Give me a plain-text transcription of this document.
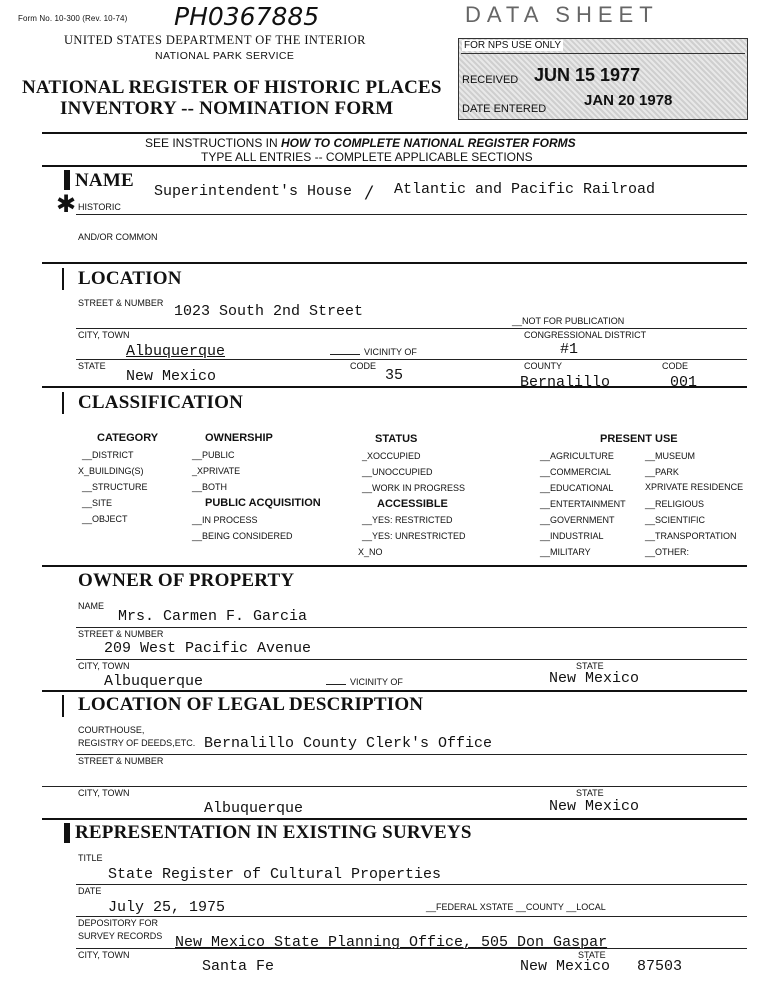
Form No. 10-300 (Rev. 10-74) PH0367885	DATA SHEET
UNITED STATES DEPARTMENT OF THE INTERIOR
NATIONAL PARK SERVICE
NATIONAL REGISTER OF HISTORIC PLACES
INVENTORY -- NOMINATION FORM
FOR NPS USE ONLY
RECEIVED JUN 15 1977
DATE ENTERED	JAN 20 1978
SEE INSTRUCTIONS IN HOW TO COMPLETE NATIONAL REGISTER FORMS
TYPE ALL ENTRIES -- COMPLETE APPLICABLE SECTIONS
NAME
✱ HISTORIC
Superintendent's House / Atlantic and Pacific Railroad
AND/OR COMMON
LOCATION
STREET & NUMBER 1023 South 2nd Street
__NOT FOR PUBLICATION
CITY, TOWN	CONGRESSIONAL DISTRICT
Albuquerque	VICINITY OF	#1
STATE	CODE	COUNTY	CODE
New Mexico	35	Bernalillo	001
CLASSIFICATION
CATEGORY
__DISTRICT
X_BUILDING(S)
__STRUCTURE
__SITE
__OBJECT
OWNERSHIP
__PUBLIC
_XPRIVATE
__BOTH
PUBLIC ACQUISITION
__IN PROCESS
__BEING CONSIDERED
STATUS
_XOCCUPIED
__UNOCCUPIED
__WORK IN PROGRESS
ACCESSIBLE
__YES: RESTRICTED
__YES: UNRESTRICTED
X_NO
PRESENT USE
__AGRICULTURE
__COMMERCIAL
__EDUCATIONAL
__ENTERTAINMENT
__GOVERNMENT
__INDUSTRIAL
__MILITARY
__MUSEUM
__PARK
XPRIVATE RESIDENCE
__RELIGIOUS
__SCIENTIFIC
__TRANSPORTATION
__OTHER:
OWNER OF PROPERTY
NAME
Mrs. Carmen F. Garcia
STREET & NUMBER
209 West Pacific Avenue
CITY, TOWN	STATE
Albuquerque	VICINITY OF	New Mexico
LOCATION OF LEGAL DESCRIPTION
COURTHOUSE,
REGISTRY OF DEEDS,ETC. Bernalillo County Clerk's Office
STREET & NUMBER
CITY, TOWN	STATE
Albuquerque	New Mexico
REPRESENTATION IN EXISTING SURVEYS
TITLE
State Register of Cultural Properties
DATE
July 25, 1975	__FEDERAL XSTATE __COUNTY __LOCAL
DEPOSITORY FOR
SURVEY RECORDS New Mexico State Planning Office, 505 Don Gaspar
CITY, TOWN	STATE
Santa Fe	New Mexico 87503
